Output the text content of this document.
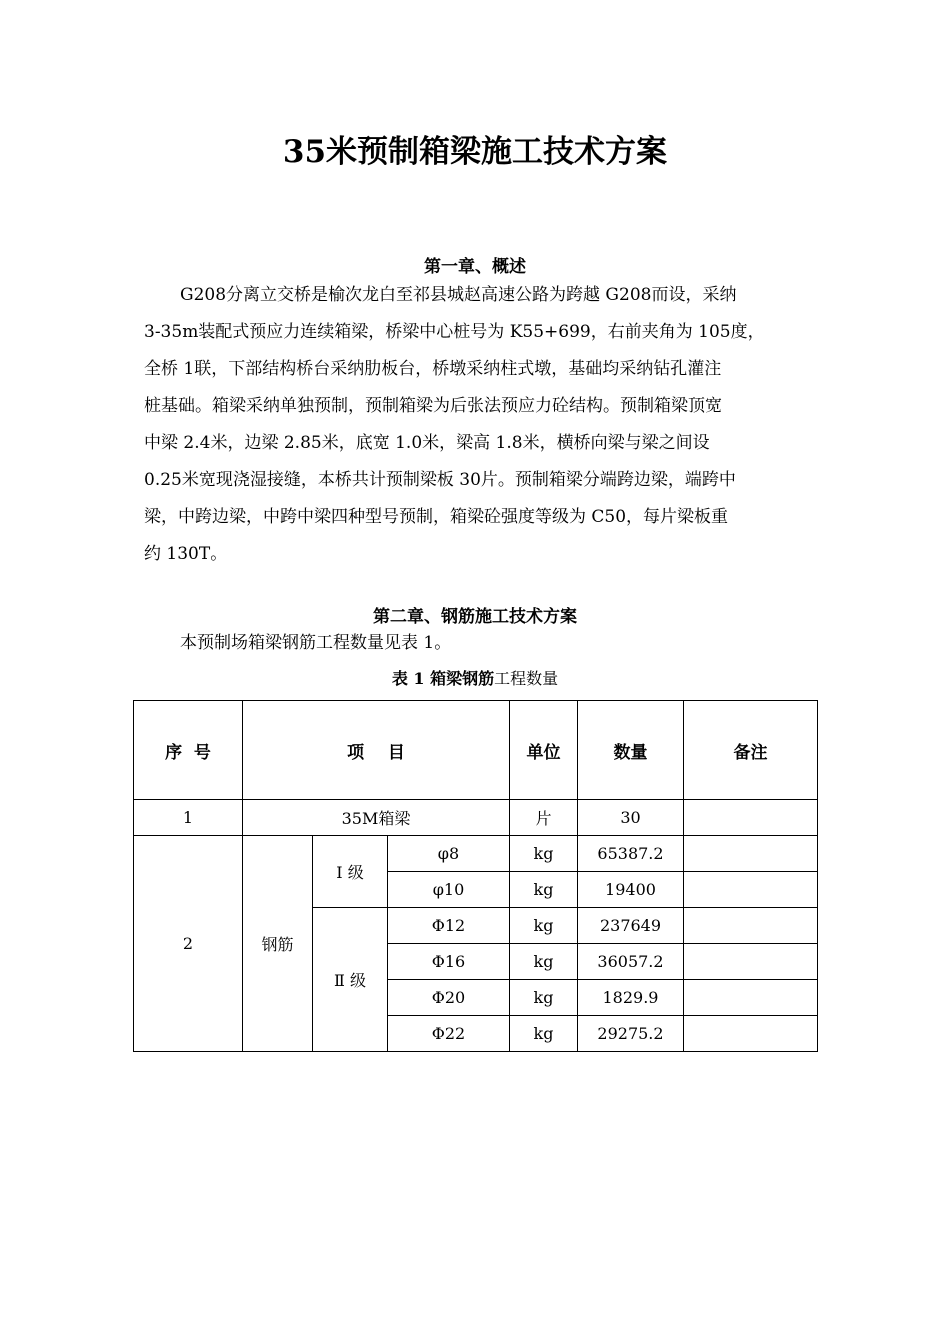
35米预制箱梁施工技术方案
第一章、概述
G208分离立交桥是榆次龙白至祁县城赵高速公路为跨越 G208而设，采纳
3-35m装配式预应力连续箱梁，桥梁中心桩号为 K55+699，右前夹角为 105度，
全桥 1联，下部结构桥台采纳肋板台，桥墩采纳柱式墩，基础均采纳钻孔灌注
桩基础。箱梁采纳单独预制，预制箱梁为后张法预应力砼结构。预制箱梁顶宽
中梁 2.4米，边梁 2.85米，底宽 1.0米，梁高 1.8米，横桥向梁与梁之间设
0.25米宽现浇湿接缝，本桥共计预制梁板 30片。预制箱梁分端跨边梁，端跨中
梁，中跨边梁，中跨中梁四种型号预制，箱梁砼强度等级为 C50，每片梁板重
约 130T。
第二章、钢筋施工技术方案
本预制场箱梁钢筋工程数量见表 1。
表 1 箱梁钢筋工程数量
序  号	项    目			单位	数量	备注
1	35M箱梁			片	30	
2	钢筋	Ⅰ 级	φ8	kg	65387.2	
			φ10	kg	19400	
		Ⅱ 级	Φ12	kg	237649	
			Φ16	kg	36057.2	
			Φ20	kg	1829.9	
			Φ22	kg	29275.2	
